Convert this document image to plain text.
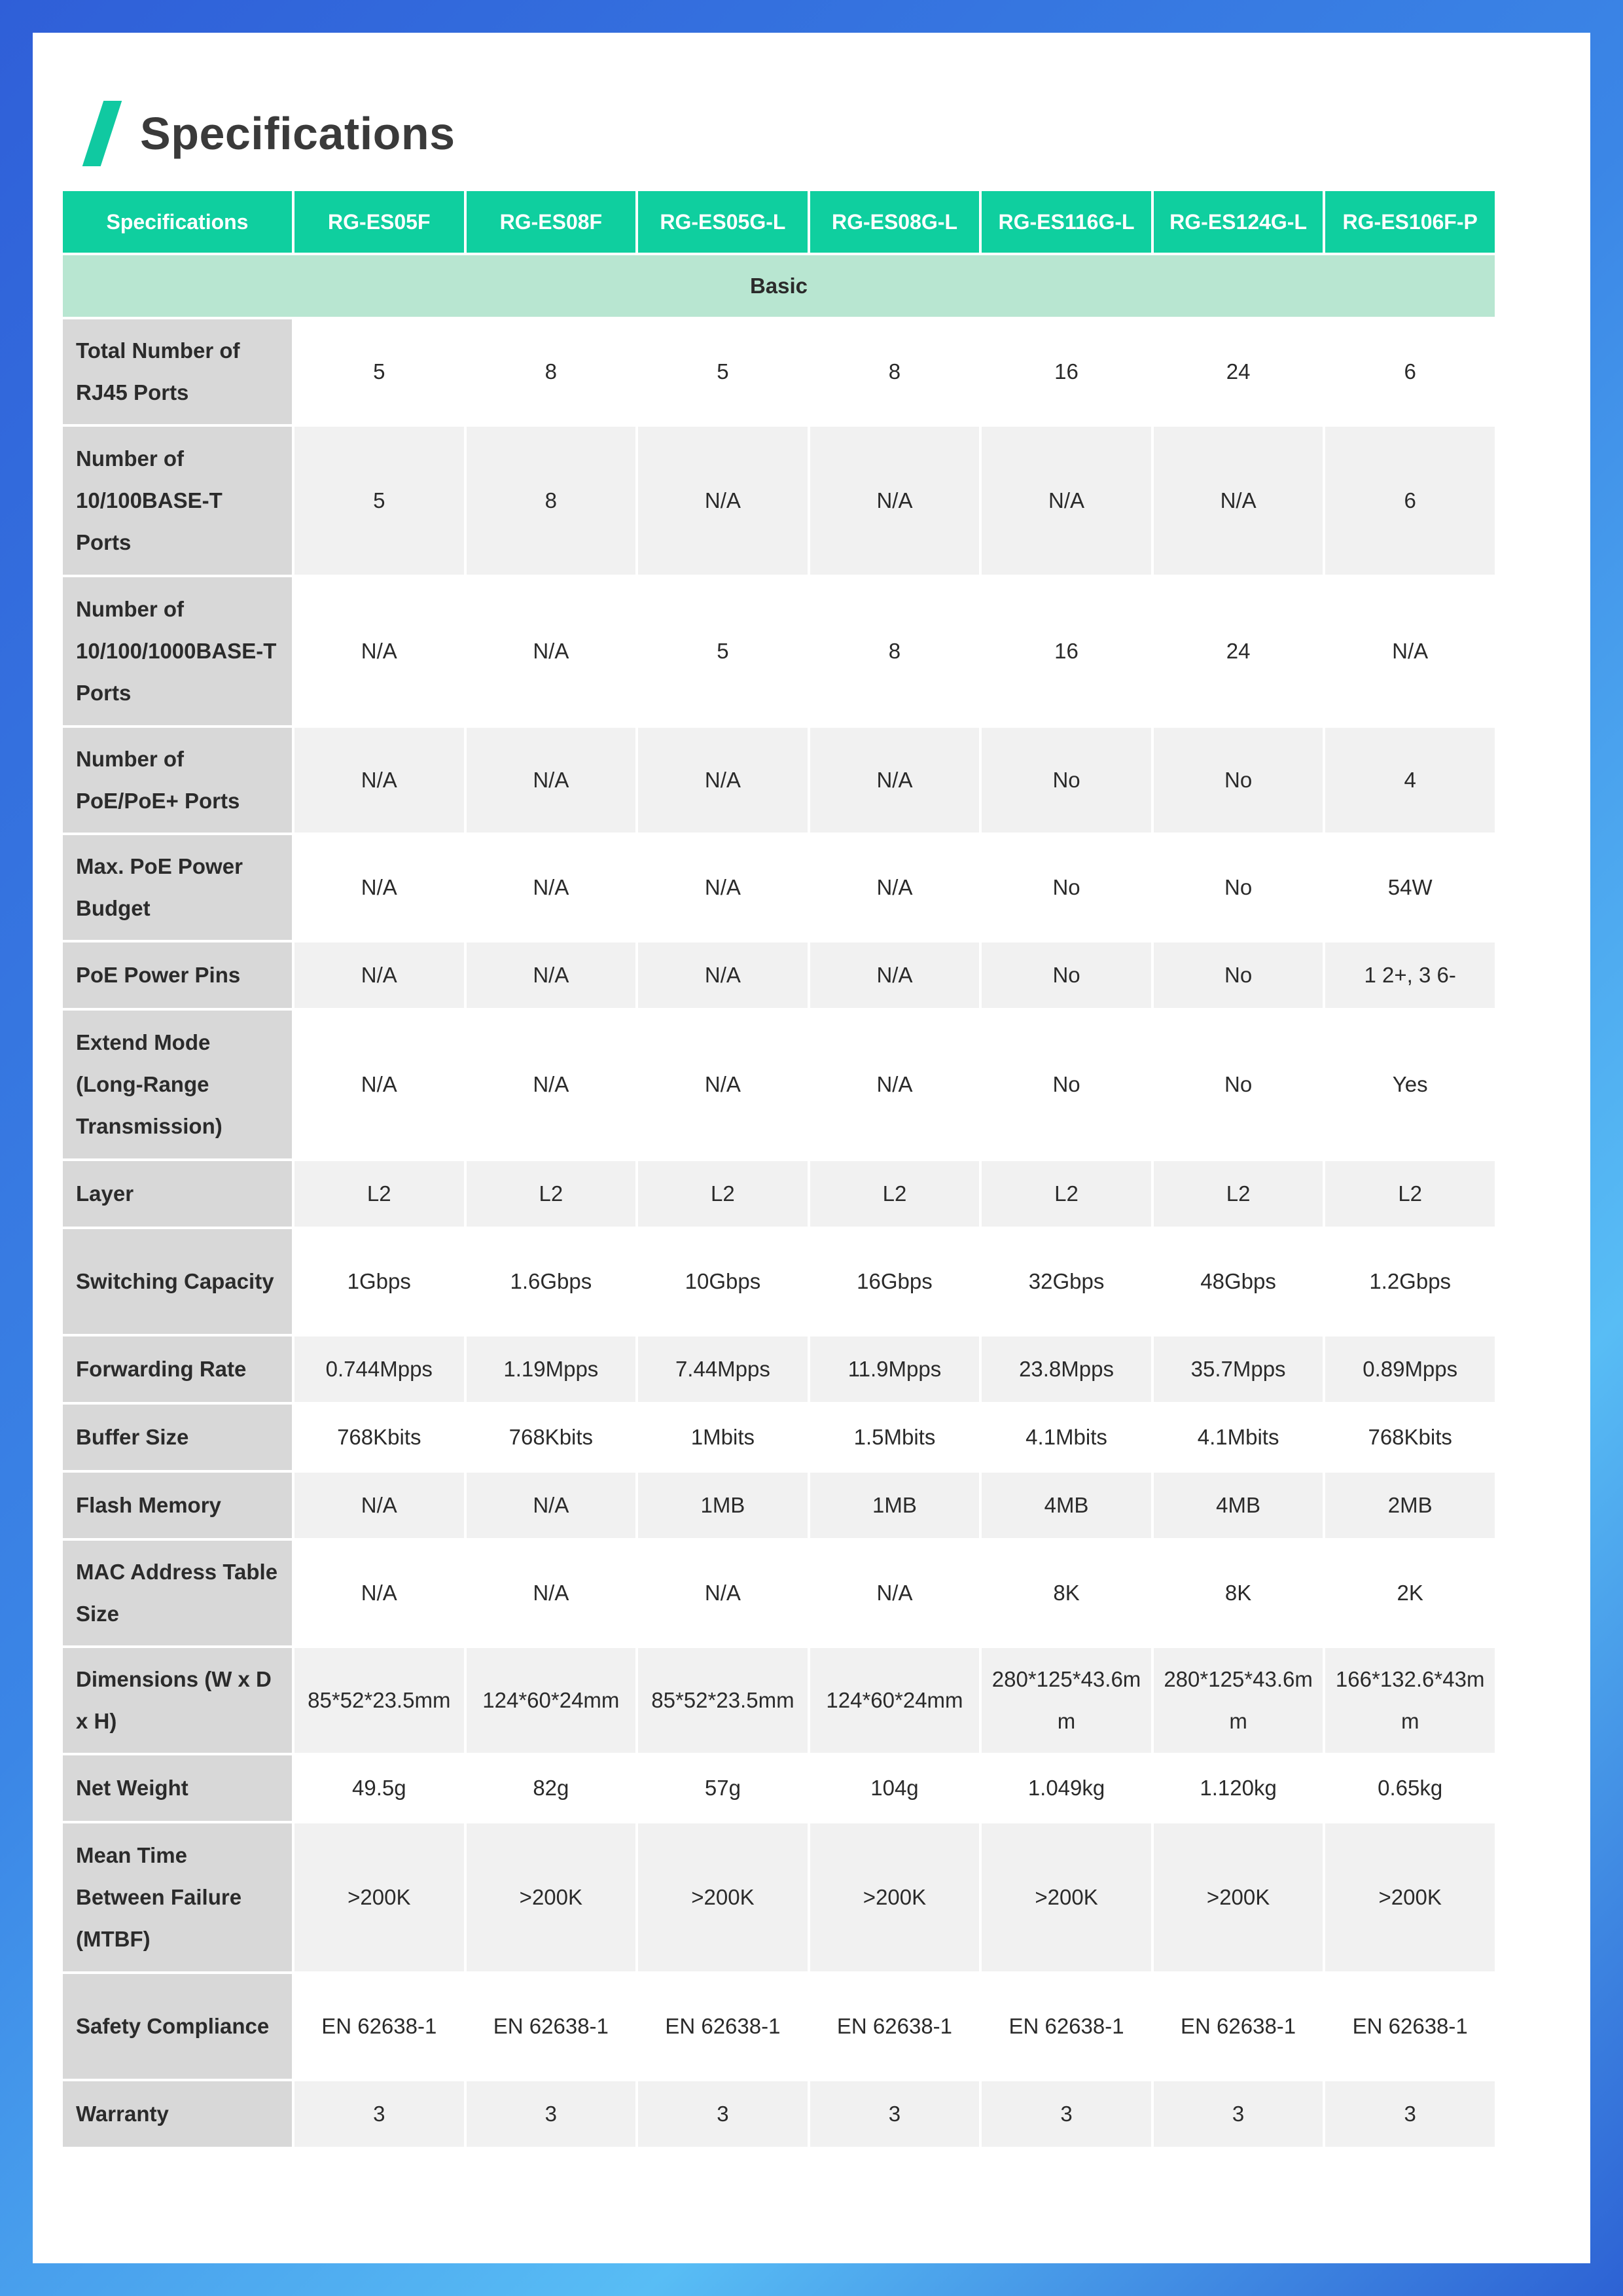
Specifications
Specifications	RG-ES05F	RG-ES08F	RG-ES05G-L	RG-ES08G-L	RG-ES116G-L	RG-ES124G-L	RG-ES106F-P
Basic							
Total Number of RJ45 Ports	5	8	5	8	16	24	6
Number of 10/100BASE-T Ports	5	8	N/A	N/A	N/A	N/A	6
Number of 10/100/1000BASE-T Ports	N/A	N/A	5	8	16	24	N/A
Number of PoE/PoE+ Ports	N/A	N/A	N/A	N/A	No	No	4
Max. PoE Power Budget	N/A	N/A	N/A	N/A	No	No	54W
PoE Power Pins	N/A	N/A	N/A	N/A	No	No	1 2+, 3 6-
Extend Mode (Long-Range Transmission)	N/A	N/A	N/A	N/A	No	No	Yes
Layer	L2	L2	L2	L2	L2	L2	L2
Switching Capacity	1Gbps	1.6Gbps	10Gbps	16Gbps	32Gbps	48Gbps	1.2Gbps
Forwarding Rate	0.744Mpps	1.19Mpps	7.44Mpps	11.9Mpps	23.8Mpps	35.7Mpps	0.89Mpps
Buffer Size	768Kbits	768Kbits	1Mbits	1.5Mbits	4.1Mbits	4.1Mbits	768Kbits
Flash Memory	N/A	N/A	1MB	1MB	4MB	4MB	2MB
MAC Address Table Size	N/A	N/A	N/A	N/A	8K	8K	2K
Dimensions (W x D x H)	85*52*23.5mm	124*60*24mm	85*52*23.5mm	124*60*24mm	280*125*43.6mm	280*125*43.6mm	166*132.6*43mm
Net Weight	49.5g	82g	57g	104g	1.049kg	1.120kg	0.65kg
Mean Time Between Failure (MTBF)	>200K	>200K	>200K	>200K	>200K	>200K	>200K
Safety Compliance	EN 62638-1	EN 62638-1	EN 62638-1	EN 62638-1	EN 62638-1	EN 62638-1	EN 62638-1
Warranty	3	3	3	3	3	3	3
